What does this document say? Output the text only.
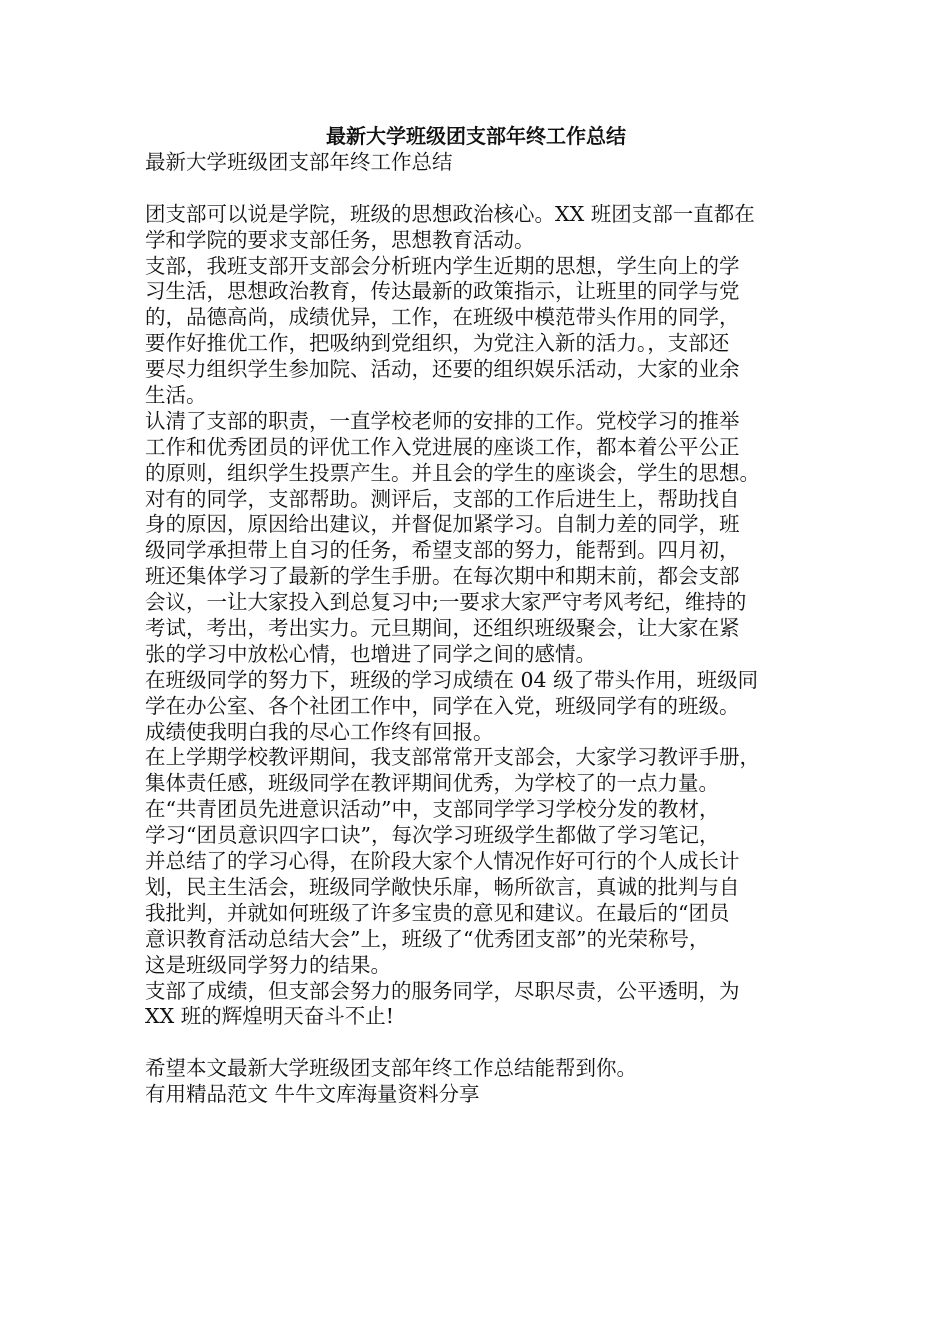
最新大学班级团支部年终工作总结
最新大学班级团支部年终工作总结
团支部可以说是学院，班级的思想政治核心。XX 班团支部一直都在
学和学院的要求支部任务，思想教育活动。
支部，我班支部开支部会分析班内学生近期的思想，学生向上的学
习生活，思想政治教育，传达最新的政策指示，让班里的同学与党
的，品德高尚，成绩优异，工作，在班级中模范带头作用的同学，
要作好推优工作，把吸纳到党组织，为党注入新的活力。，支部还
要尽力组织学生参加院、活动，还要的组织娱乐活动，大家的业余
生活。
认清了支部的职责，一直学校老师的安排的工作。党校学习的推举
工作和优秀团员的评优工作入党进展的座谈工作，都本着公平公正
的原则，组织学生投票产生。并且会的学生的座谈会，学生的思想。
对有的同学，支部帮助。测评后，支部的工作后进生上，帮助找自
身的原因，原因给出建议，并督促加紧学习。自制力差的同学，班
级同学承担带上自习的任务，希望支部的努力，能帮到。四月初，
班还集体学习了最新的学生手册。在每次期中和期末前，都会支部
会议，一让大家投入到总复习中;一要求大家严守考风考纪，维持的
考试，考出，考出实力。元旦期间，还组织班级聚会，让大家在紧
张的学习中放松心情，也增进了同学之间的感情。
在班级同学的努力下，班级的学习成绩在 04 级了带头作用，班级同
学在办公室、各个社团工作中，同学在入党，班级同学有的班级。
成绩使我明白我的尽心工作终有回报。
在上学期学校教评期间，我支部常常开支部会，大家学习教评手册，
集体责任感，班级同学在教评期间优秀，为学校了的一点力量。
在“共青团员先进意识活动”中，支部同学学习学校分发的教材，
学习“团员意识四字口诀”，每次学习班级学生都做了学习笔记，
并总结了的学习心得，在阶段大家个人情况作好可行的个人成长计
划，民主生活会，班级同学敞快乐扉，畅所欲言，真诚的批判与自
我批判，并就如何班级了许多宝贵的意见和建议。在最后的“团员
意识教育活动总结大会”上，班级了“优秀团支部”的光荣称号，
这是班级同学努力的结果。
支部了成绩，但支部会努力的服务同学，尽职尽责，公平透明，为
XX 班的辉煌明天奋斗不止!
希望本文最新大学班级团支部年终工作总结能帮到你。
有用精品范文 牛牛文库海量资料分享
